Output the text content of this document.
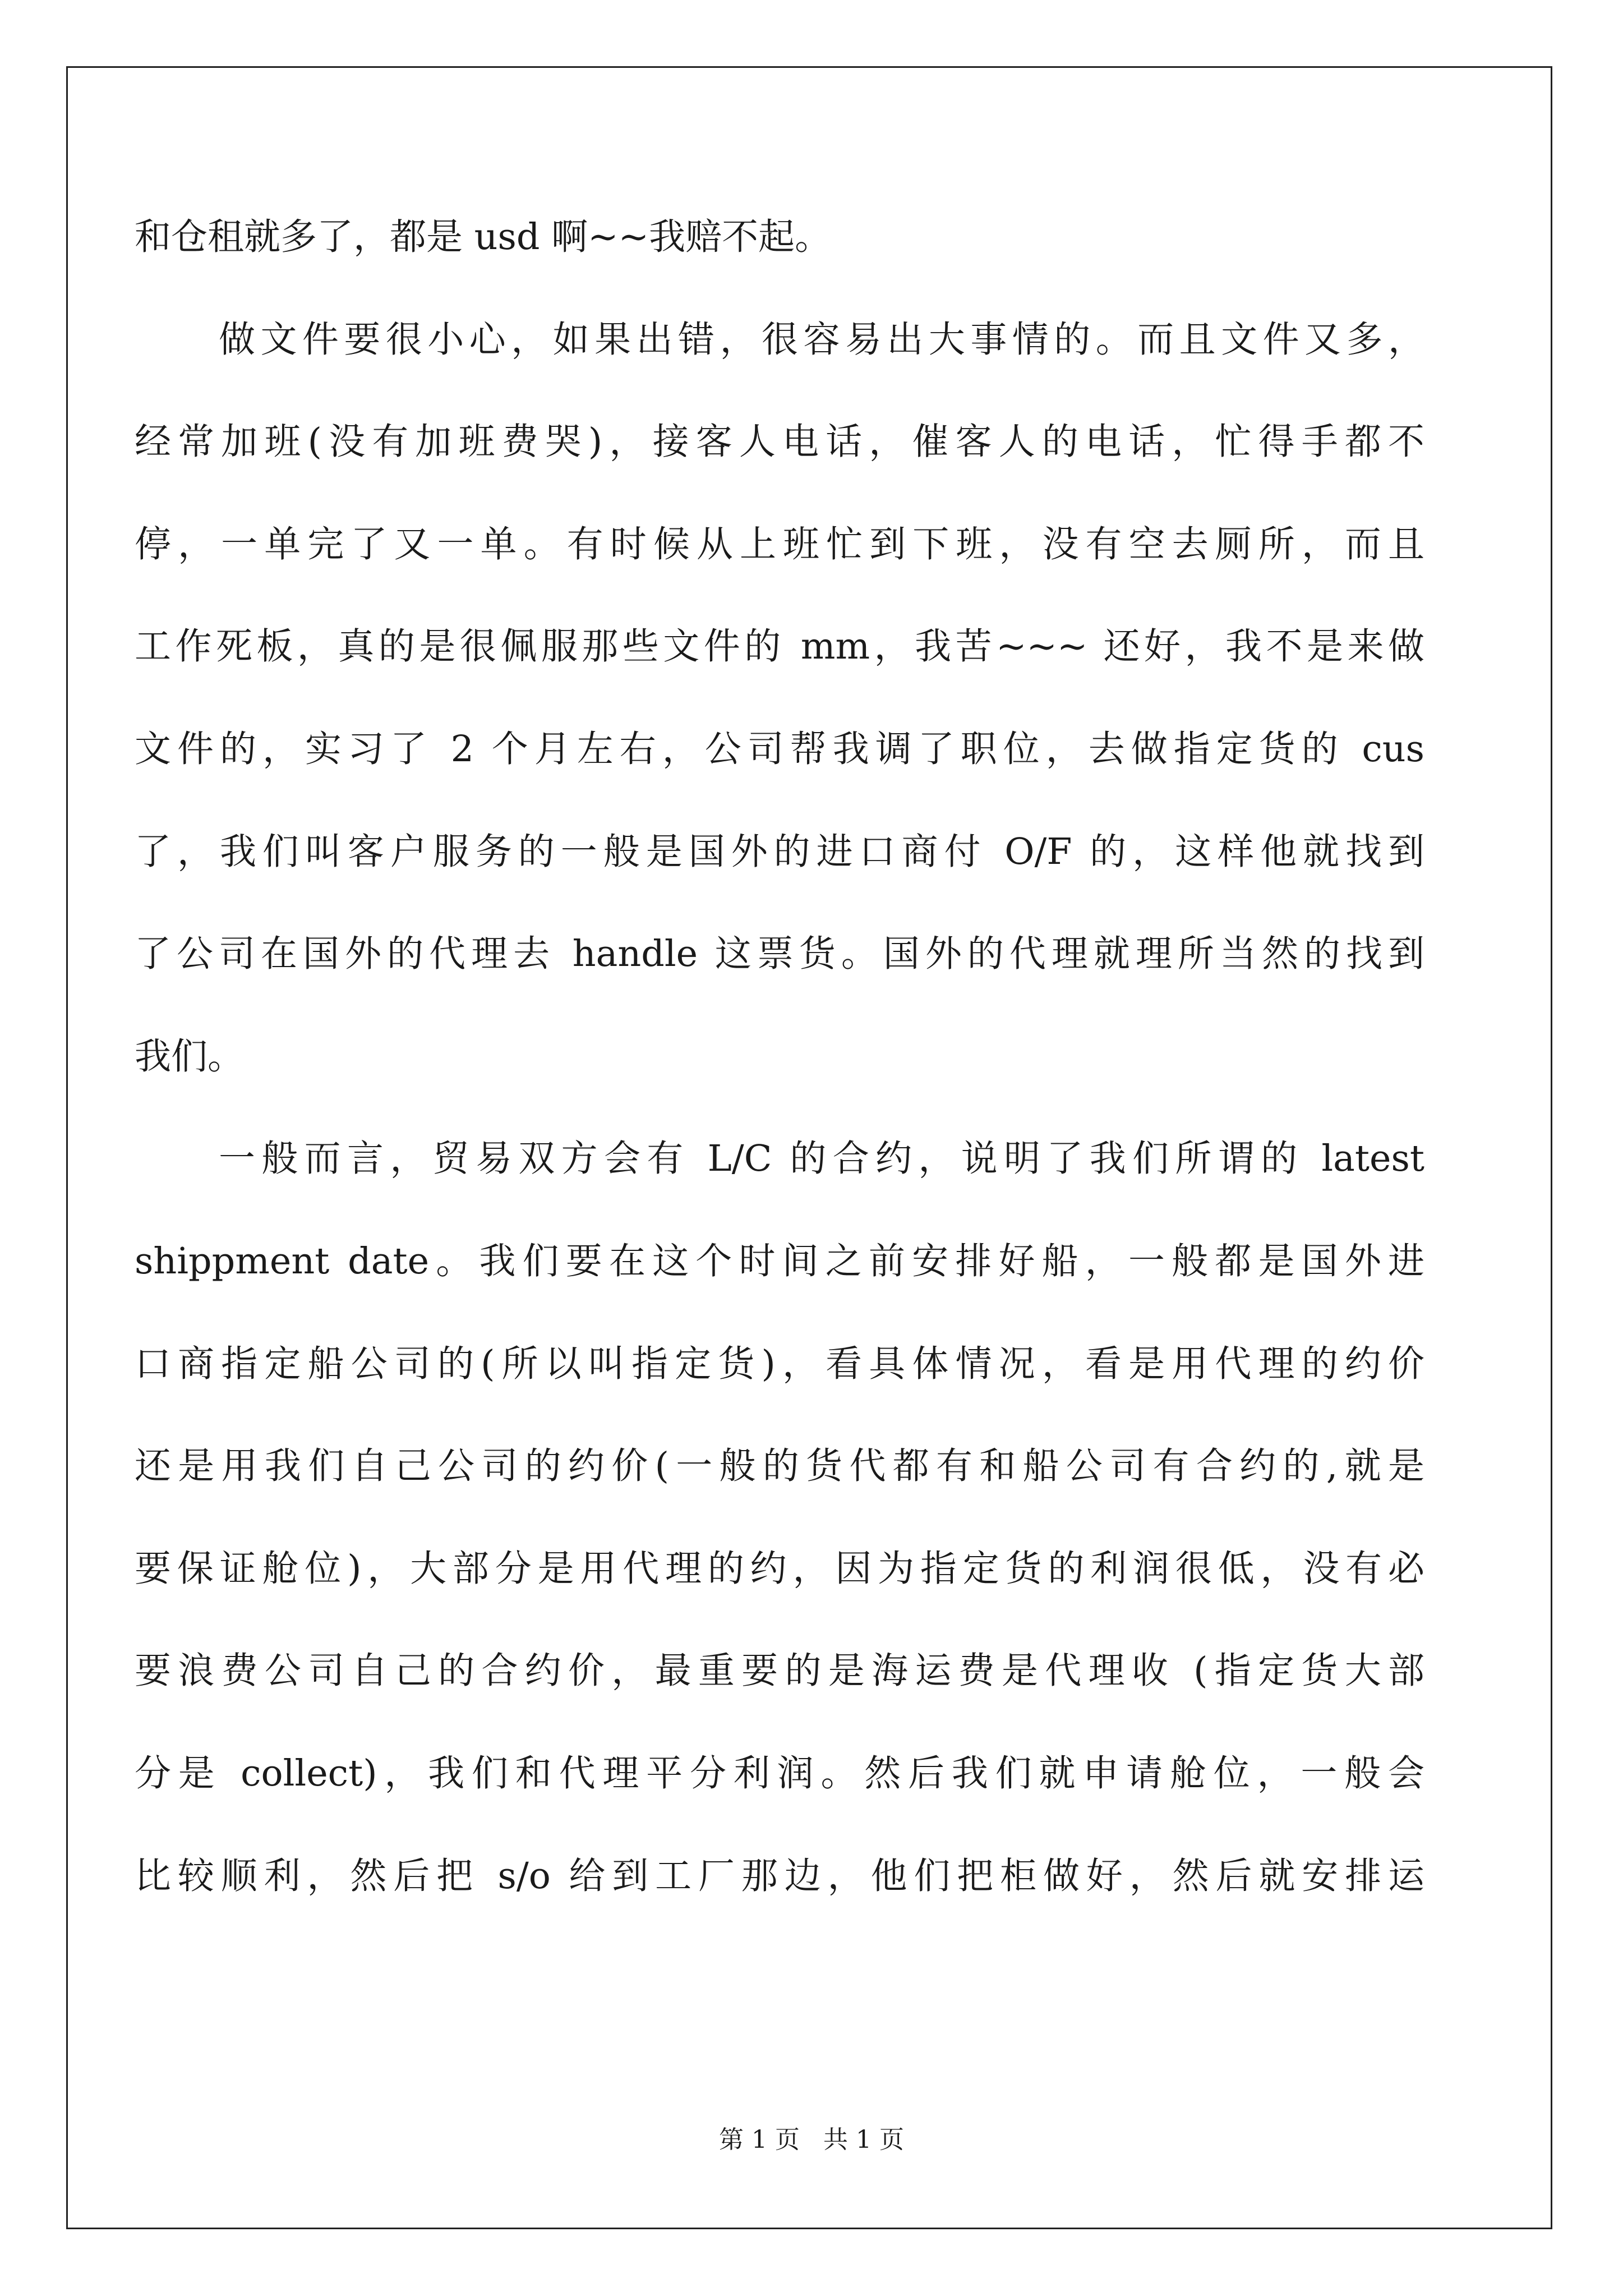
和仓租就多了，都是 usd 啊~~我赔不起。
做文件要很小心，如果出错，很容易出大事情的。而且文件又多，
经常加班(没有加班费哭)，接客人电话，催客人的电话，忙得手都不
停，一单完了又一单。有时候从上班忙到下班，没有空去厕所，而且
工作死板，真的是很佩服那些文件的 mm，我苦~~~ 还好，我不是来做
文件的，实习了 2 个月左右，公司帮我调了职位，去做指定货的 cus
了，我们叫客户服务的一般是国外的进口商付 O/F 的，这样他就找到
了公司在国外的代理去 handle 这票货。国外的代理就理所当然的找到
我们。
一般而言，贸易双方会有 L/C 的合约，说明了我们所谓的 latest
shippment date。我们要在这个时间之前安排好船，一般都是国外进
口商指定船公司的(所以叫指定货)，看具体情况，看是用代理的约价
还是用我们自己公司的约价(一般的货代都有和船公司有合约的,就是
要保证舱位)，大部分是用代理的约，因为指定货的利润很低，没有必
要浪费公司自己的合约价，最重要的是海运费是代理收 (指定货大部
分是 collect)，我们和代理平分利润。然后我们就申请舱位，一般会
比较顺利，然后把 s/o 给到工厂那边，他们把柜做好，然后就安排运
第 1 页   共 1 页
